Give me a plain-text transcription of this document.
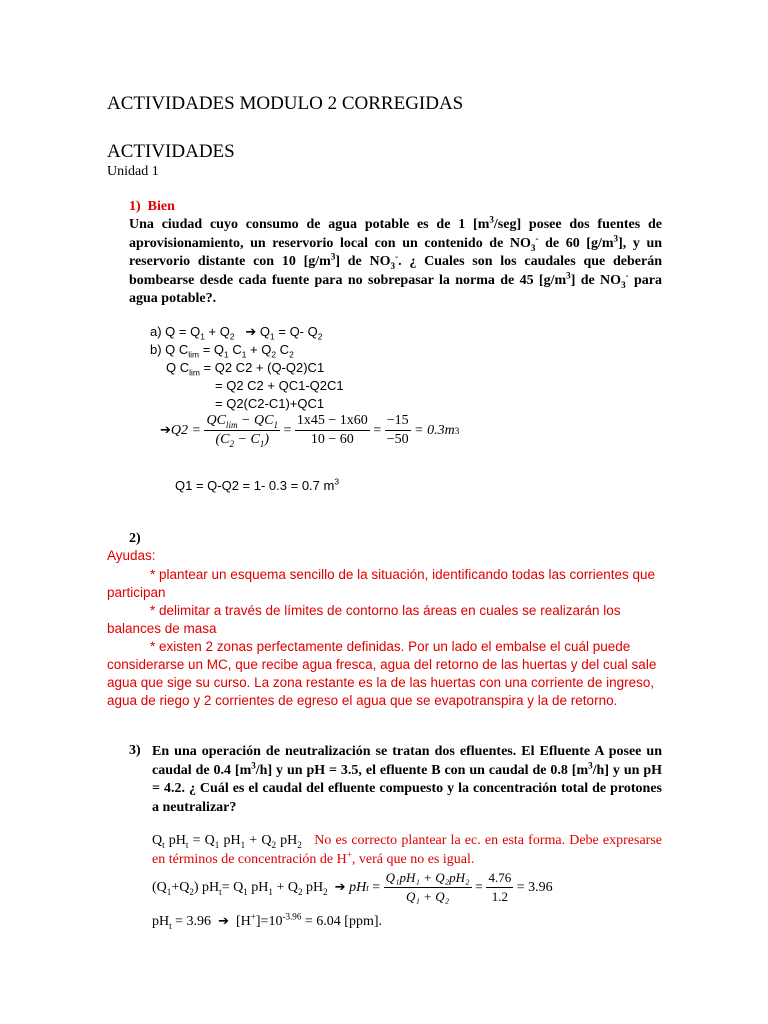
ACTIVIDADES MODULO 2 CORREGIDAS
ACTIVIDADES
Unidad 1
1) Bien
Una ciudad cuyo consumo de agua potable es de 1 $[m^3/seg]$ posee dos fuentes de aprovisionamiento, un reservorio local con un contenido de $NO_3^-$ de 60 $[g/m^3]$, y un reservorio distante con 10 $[g/m^3]$ de $NO_3^-$. ¿ Cuales son los caudales que deberán bombearse desde cada fuente para no sobrepasar la norma de 45 $[g/m^3]$ de $NO_3^-$ para agua potable?.
a) $Q = Q_1 + Q_2$ ➔ $Q_1 = Q-$ $Q_2$
b) Q $C_{lim} = Q_1$ $C_1 + Q_2$ $C_2$
Q $C_{lim} = Q2$ C2 + (Q-Q2)C1
= Q2 C2 + QC1-Q2C1
= Q2(C2-C1)+QC1
➔ Q2 =
$\frac{QC_{lim} - QC_1}{(C_2 - C_1)}$
=
$\frac{1x45 - 1x60}{10 - 60}$
=
$\frac{-15}{-50}$
= 0.3m 3
Q1 = Q-Q2 = 1- 0.3 = 0.7 $m^3$
2)
Ayudas:
* plantear un esquema sencillo de la situación, identificando todas las corrientes que participan
* delimitar a través de límites de contorno las áreas en cuales se realizarán los balances de masa
* existen 2 zonas perfectamente definidas. Por un lado el embalse el cuál puede considerarse un MC, que recibe agua fresca, agua del retorno de las huertas y del cual sale agua que sige su curso. La zona restante es la de las huertas con una corriente de ingreso, agua de riego y 2 corrientes de egreso el agua que se evapotranspira y la de retorno.
3) En una operación de neutralización se tratan dos efluentes. El Efluente A posee un caudal de 0.4 $[m^3/h]$ y un pH = 3.5, el efluente B con un caudal de 0.8 $[m^3/h]$ y un pH = 4.2. ¿ Cuál es el caudal del efluente compuesto y la concentración total de protones a neutralizar?
$Q_t$ $pH_t = Q_1$ $pH_1 + Q_2$ $pH_2$ No es correcto plantear la ec. en esta forma. Debe expresarse en términos de concentración de H+, verá que no es igual.
$(Q_1+Q_2)$ $pH_t= Q_1$ $pH_1 + Q_2$ $pH_2$
➔
pH $t = \frac{\text{Q₁pH₁ + Q₂pH₂}}{\text{Q₁ + Q₂}} = \frac{4.76}{1.2}$
= 3.96
$pH_t = 3.96$ ➔ $[H^+]=10^{-3.96} = 6.04$ [ppm].
